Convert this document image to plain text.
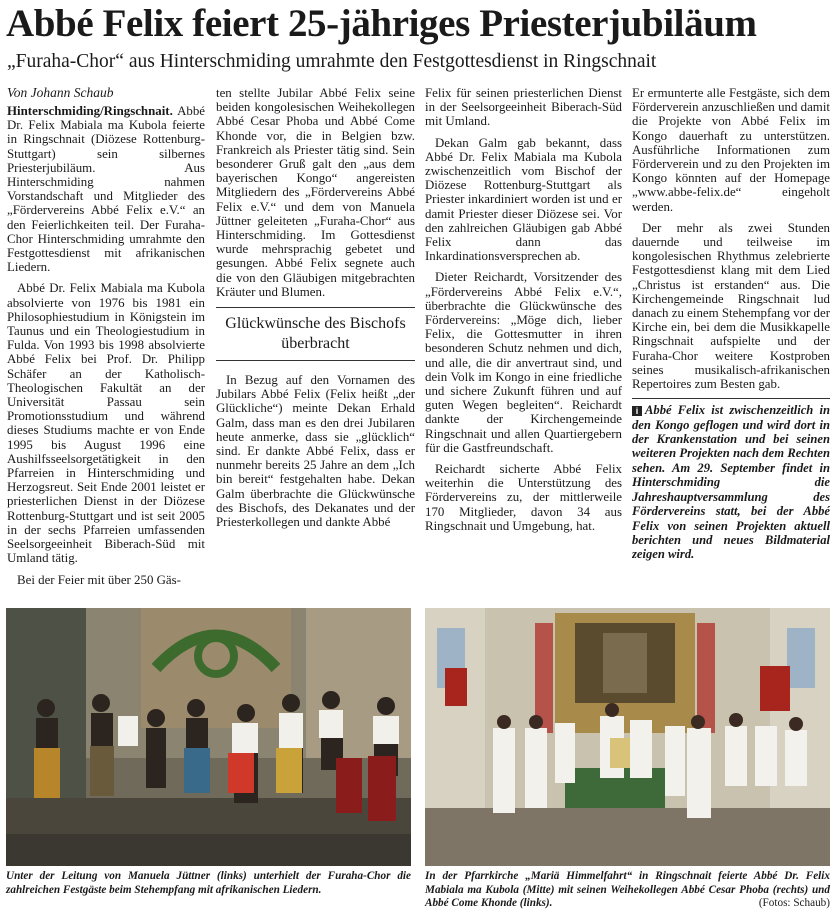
Abbé Felix feiert 25-jähriges Priesterjubiläum
„Furaha-Chor“ aus Hinterschmiding umrahmte den Festgottesdienst in Ringschnait
Von Johann Schaub

Hinterschmiding/Ringschnait. Abbé Dr. Felix Mabiala ma Kubola feierte in Ringschnait (Diözese Rottenburg-Stuttgart) sein silbernes Priesterjubiläum. Aus Hinterschmiding nahmen Vorstandschaft und Mitglieder des „Fördervereins Abbé Felix e.V.“ an den Feierlichkeiten teil. Der Furaha-Chor Hinterschmiding umrahmte den Festgottesdienst mit afrikanischen Liedern.

Abbé Dr. Felix Mabiala ma Kubola absolvierte von 1976 bis 1981 ein Philosophiestudium in Königstein im Taunus und ein Theologiestudium in Fulda. Von 1993 bis 1998 absolvierte Abbé Felix bei Prof. Dr. Philipp Schäfer an der Katholisch-Theologischen Fakultät an der Universität Passau sein Promotionsstudium und während dieses Studiums machte er von Ende 1995 bis August 1996 eine Aushilfsseelsorgetätigkeit in den Pfarreien in Hinterschmiding und Herzogsreut. Seit Ende 2001 leistet er priesterlichen Dienst in der Diözese Rottenburg-Stuttgart und ist seit 2005 in der sechs Pfarreien umfassenden Seelsorgeeinheit Biberach-Süd mit Umland tätig.

Bei der Feier mit über 250 Gäs-

ten stellte Jubilar Abbé Felix seine beiden kongolesischen Weihekollegen Abbé Cesar Phoba und Abbé Come Khonde vor, die in Belgien bzw. Frankreich als Priester tätig sind. Sein besonderer Gruß galt den „aus dem bayerischen Kongo“ angereisten Mitgliedern des „Fördervereins Abbé Felix e.V.“ und dem von Manuela Jüttner geleiteten „Furaha-Chor“ aus Hinterschmiding. Im Gottesdienst wurde mehrsprachig gebetet und gesungen. Abbé Felix segnete auch die von den Gläubigen mitgebrachten Kräuter und Blumen.

Glückwünsche des Bischofs überbracht

In Bezug auf den Vornamen des Jubilars Abbé Felix (Felix heißt „der Glückliche“) meinte Dekan Erhald Galm, dass man es den drei Jubilaren heute anmerke, dass sie „glücklich“ sind. Er dankte Abbé Felix, dass er nunmehr bereits 25 Jahre an dem „Ich bin bereit“ festgehalten habe. Dekan Galm überbrachte die Glückwünsche des Bischofs, des Dekanates und der Priesterkollegen und dankte Abbé

Felix für seinen priesterlichen Dienst in der Seelsorgeeinheit Biberach-Süd mit Umland.

Dekan Galm gab bekannt, dass Abbé Dr. Felix Mabiala ma Kubola zwischenzeitlich vom Bischof der Diözese Rottenburg-Stuttgart als Priester inkardiniert worden ist und er damit Priester dieser Diözese sei. Vor den zahlreichen Gläubigen gab Abbé Felix dann das Inkardinationsversprechen ab.

Dieter Reichardt, Vorsitzender des „Fördervereins Abbé Felix e.V.“, überbrachte die Glückwünsche des Fördervereins: „Möge dich, lieber Felix, die Gottesmutter in ihren besonderen Schutz nehmen und dich, und alle, die dir anvertraut sind, und dein Volk im Kongo in eine friedliche und sichere Zukunft führen und auf guten Wegen begleiten“. Reichardt dankte der Kirchengemeinde Ringschnait und allen Quartiergebern für die Gastfreundschaft.

Reichardt sicherte Abbé Felix weiterhin die Unterstützung des Fördervereins zu, der mittlerweile 170 Mitglieder, davon 34 aus Ringschnait und Umgebung, hat.

Er ermunterte alle Festgäste, sich dem Förderverein anzuschließen und damit die Projekte von Abbé Felix im Kongo dauerhaft zu unterstützen. Ausführliche Informationen zum Förderverein und zu den Projekten im Kongo könnten auf der Homepage „www.abbe-felix.de“ eingeholt werden.

Der mehr als zwei Stunden dauernde und teilweise im kongolesischen Rhythmus zelebrierte Festgottesdienst klang mit dem Lied „Christus ist erstanden“ aus. Die Kirchengemeinde Ringschnait lud danach zu einem Stehempfang vor der Kirche ein, bei dem die Musikkapelle Ringschnait aufspielte und der Furaha-Chor weitere Kostproben seines musikalisch-afrikanischen Repertoires zum Besten gab.

i Abbé Felix ist zwischenzeitlich in den Kongo geflogen und wird dort in der Krankenstation und bei seinen weiteren Projekten nach dem Rechten sehen. Am 29. September findet in Hinterschmiding die Jahreshauptversammlung des Fördervereins statt, bei der Abbé Felix von seinen Projekten aktuell berichten und neues Bildmaterial zeigen wird.
Unter der Leitung von Manuela Jüttner (links) unterhielt der Furaha-Chor die zahlreichen Festgäste beim Stehempfang mit afrikanischen Liedern.
In der Pfarrkirche „Mariä Himmelfahrt“ in Ringschnait feierte Abbé Dr. Felix Mabiala ma Kubola (Mitte) mit seinen Weihekollegen Abbé Cesar Phoba (rechts) und Abbé Come Khonde (links).	(Fotos: Schaub)
